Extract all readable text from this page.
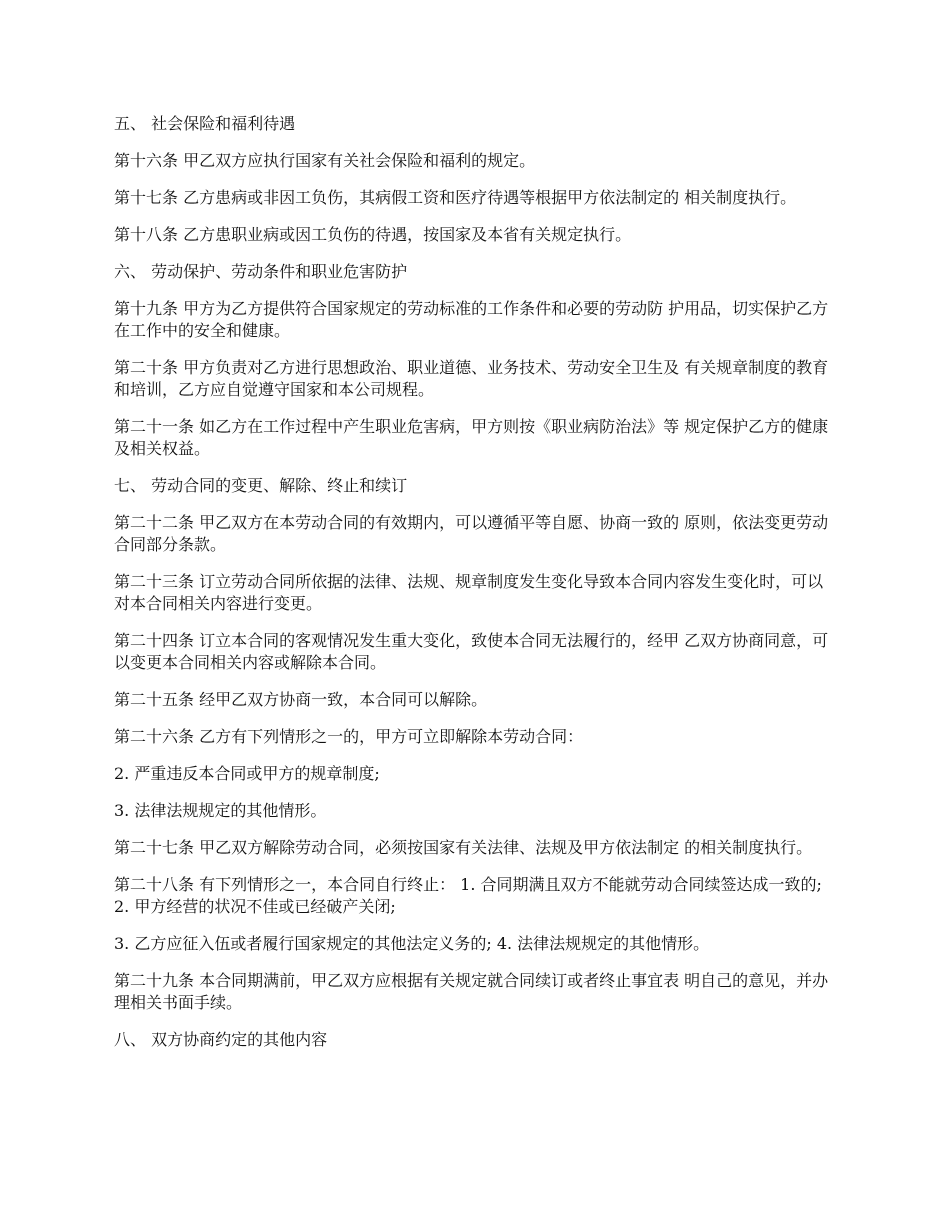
五、 社会保险和福利待遇

第十六条 甲乙双方应执行国家有关社会保险和福利的规定。

第十七条 乙方患病或非因工负伤，其病假工资和医疗待遇等根据甲方依法制定的 相关制度执行。

第十八条 乙方患职业病或因工负伤的待遇，按国家及本省有关规定执行。

六、 劳动保护、劳动条件和职业危害防护

第十九条 甲方为乙方提供符合国家规定的劳动标准的工作条件和必要的劳动防 护用品，切实保护乙方在工作中的安全和健康。

第二十条 甲方负责对乙方进行思想政治、职业道德、业务技术、劳动安全卫生及 有关规章制度的教育和培训，乙方应自觉遵守国家和本公司规程。

第二十一条 如乙方在工作过程中产生职业危害病，甲方则按《职业病防治法》等 规定保护乙方的健康及相关权益。

七、 劳动合同的变更、解除、终止和续订

第二十二条 甲乙双方在本劳动合同的有效期内，可以遵循平等自愿、协商一致的 原则，依法变更劳动合同部分条款。

第二十三条 订立劳动合同所依据的法律、法规、规章制度发生变化导致本合同内容发生变化时，可以对本合同相关内容进行变更。

第二十四条 订立本合同的客观情况发生重大变化，致使本合同无法履行的，经甲 乙双方协商同意，可以变更本合同相关内容或解除本合同。

第二十五条 经甲乙双方协商一致，本合同可以解除。

第二十六条 乙方有下列情形之一的，甲方可立即解除本劳动合同：

2. 严重违反本合同或甲方的规章制度;

3. 法律法规规定的其他情形。

第二十七条 甲乙双方解除劳动合同，必须按国家有关法律、法规及甲方依法制定 的相关制度执行。

第二十八条 有下列情形之一，本合同自行终止： 1. 合同期满且双方不能就劳动合同续签达成一致的; 2. 甲方经营的状况不佳或已经破产关闭;

3. 乙方应征入伍或者履行国家规定的其他法定义务的; 4. 法律法规规定的其他情形。

第二十九条 本合同期满前，甲乙双方应根据有关规定就合同续订或者终止事宜表 明自己的意见，并办理相关书面手续。

八、 双方协商约定的其他内容
